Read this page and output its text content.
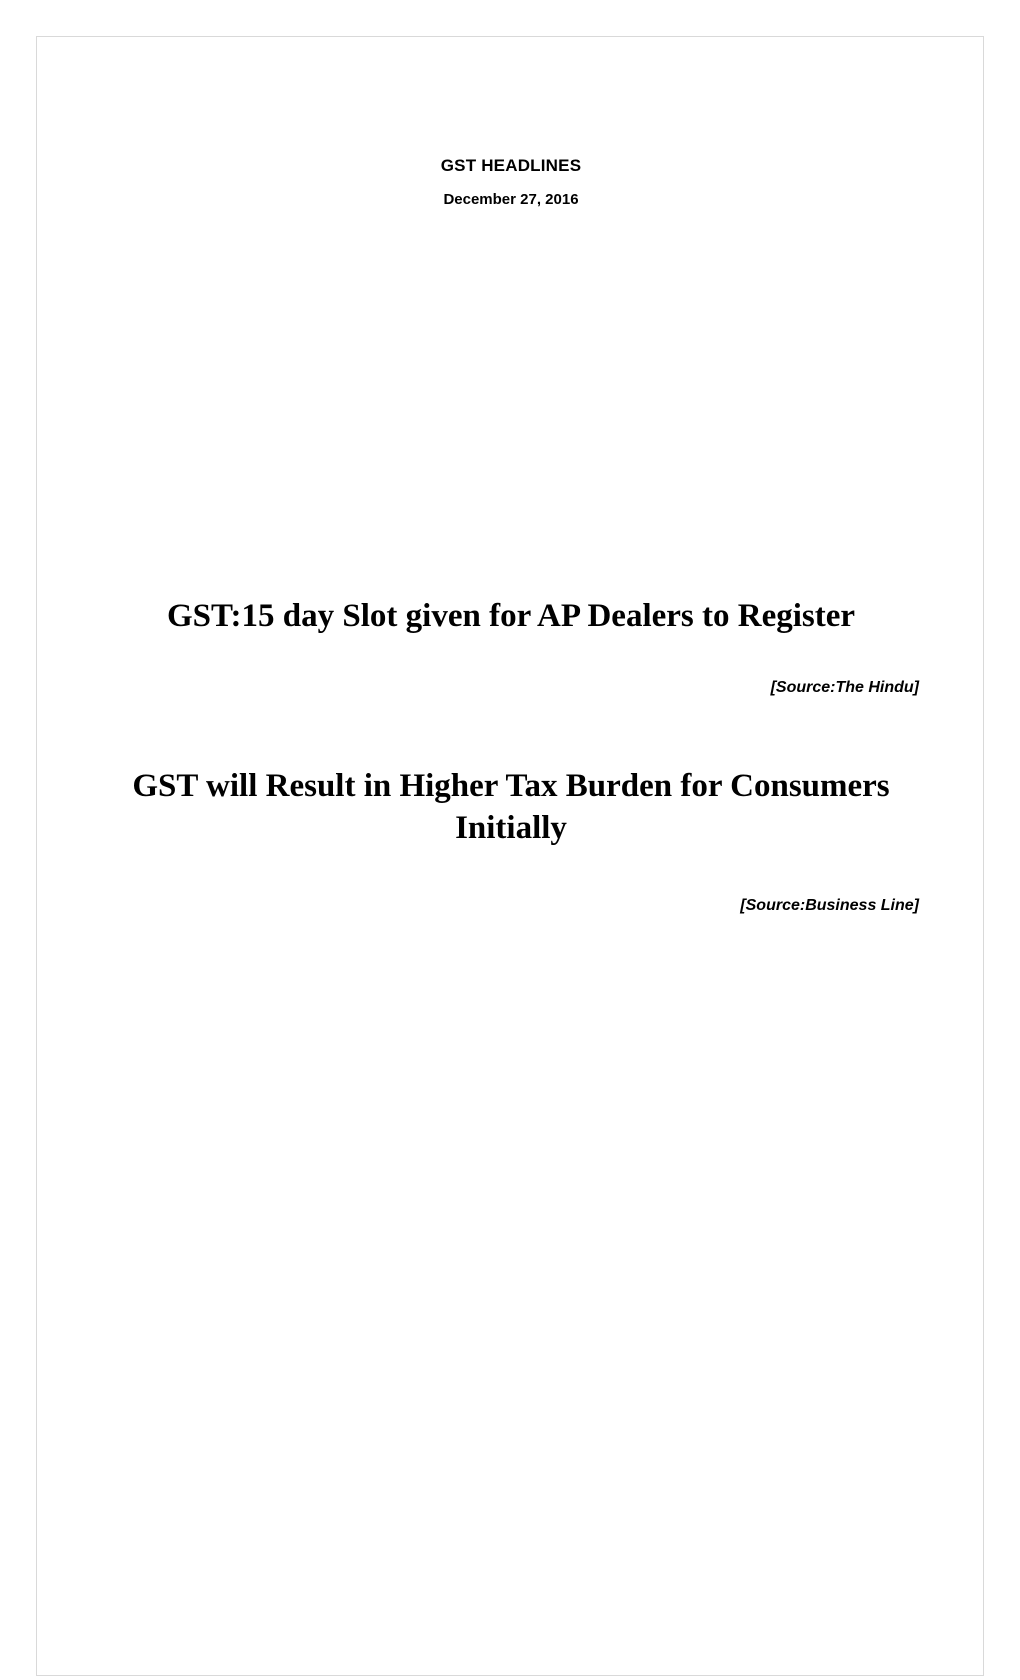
GST HEADLINES
December 27, 2016
GST:15 day Slot given for AP Dealers to Register
[Source:The Hindu]
GST will Result in Higher Tax Burden for Consumers Initially
[Source:Business Line]
